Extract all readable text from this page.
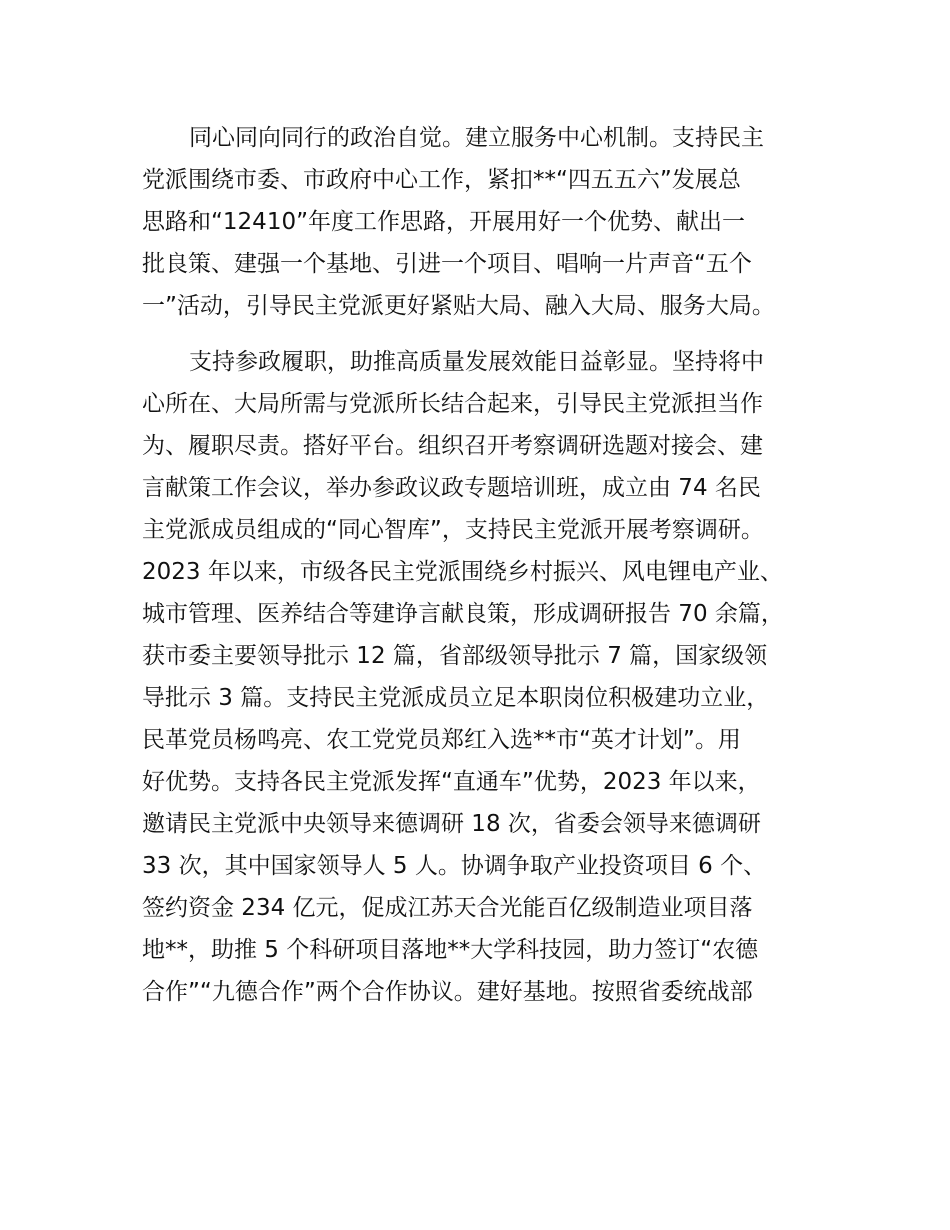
同心同向同行的政治自觉。建立服务中心机制。支持民主
党派围绕市委、市政府中心工作，紧扣**“四五五六”发展总
思路和“12410”年度工作思路，开展用好一个优势、献出一
批良策、建强一个基地、引进一个项目、唱响一片声音“五个
一”活动，引导民主党派更好紧贴大局、融入大局、服务大局。
支持参政履职，助推高质量发展效能日益彰显。坚持将中
心所在、大局所需与党派所长结合起来，引导民主党派担当作
为、履职尽责。搭好平台。组织召开考察调研选题对接会、建
言献策工作会议，举办参政议政专题培训班，成立由 74 名民
主党派成员组成的“同心智库”，支持民主党派开展考察调研。
2023 年以来，市级各民主党派围绕乡村振兴、风电锂电产业、
城市管理、医养结合等建诤言献良策，形成调研报告 70 余篇，
获市委主要领导批示 12 篇，省部级领导批示 7 篇，国家级领
导批示 3 篇。支持民主党派成员立足本职岗位积极建功立业，
民革党员杨鸣亮、农工党党员郑红入选**市“英才计划”。用
好优势。支持各民主党派发挥“直通车”优势，2023 年以来，
邀请民主党派中央领导来德调研 18 次，省委会领导来德调研
33 次，其中国家领导人 5 人。协调争取产业投资项目 6 个、
签约资金 234 亿元，促成江苏天合光能百亿级制造业项目落
地**，助推 5 个科研项目落地**大学科技园，助力签订“农德
合作”“九德合作”两个合作协议。建好基地。按照省委统战部
